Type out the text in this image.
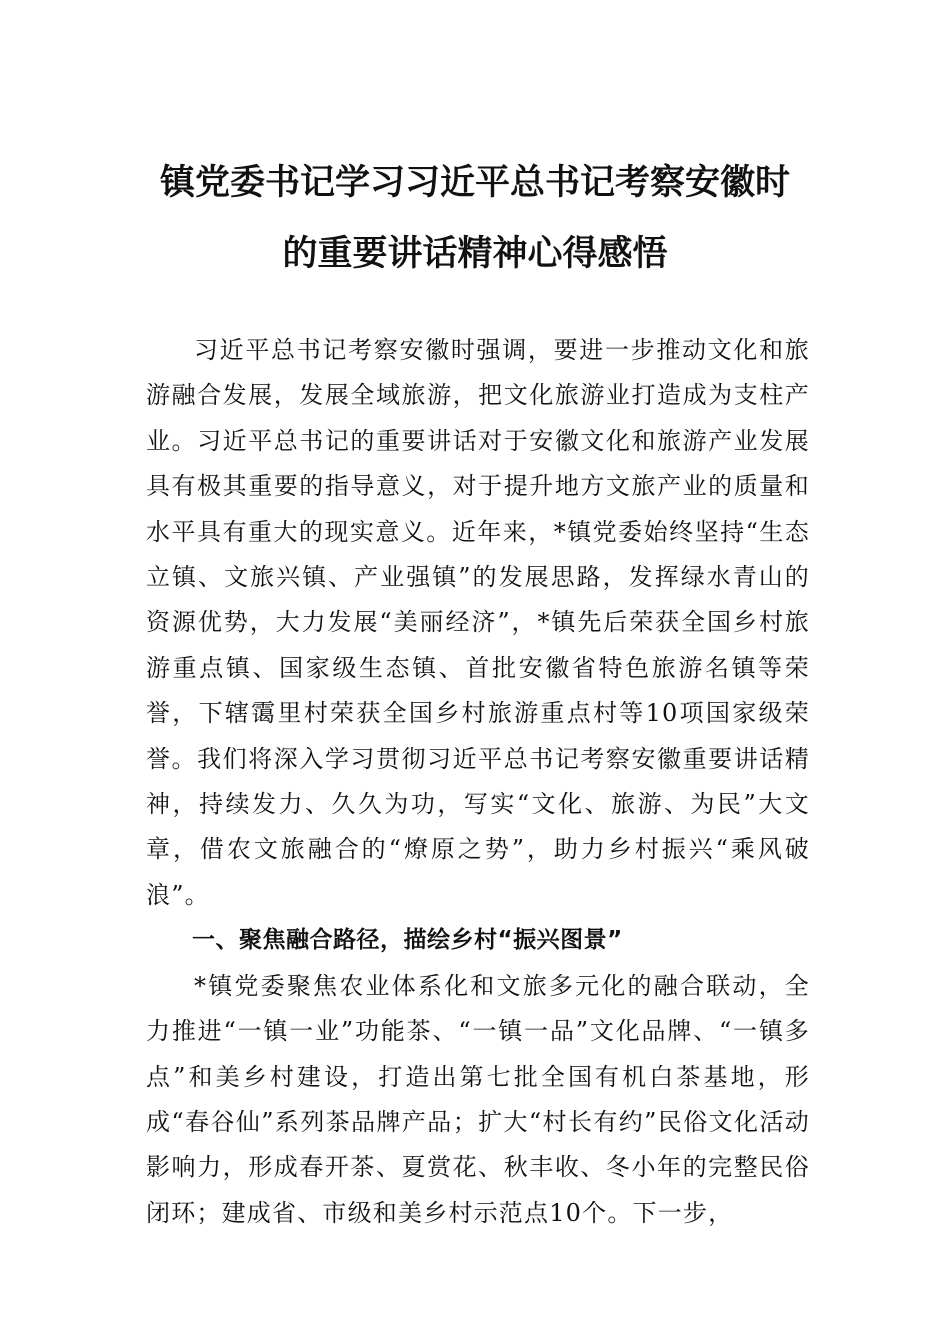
镇党委书记学习习近平总书记考察安徽时
的重要讲话精神心得感悟

习近平总书记考察安徽时强调，要进一步推动文化和旅游融合发展，发展全域旅游，把文化旅游业打造成为支柱产业。习近平总书记的重要讲话对于安徽文化和旅游产业发展具有极其重要的指导意义，对于提升地方文旅产业的质量和水平具有重大的现实意义。近年来，*镇党委始终坚持“生态立镇、文旅兴镇、产业强镇”的发展思路，发挥绿水青山的资源优势，大力发展“美丽经济”，*镇先后荣获全国乡村旅游重点镇、国家级生态镇、首批安徽省特色旅游名镇等荣誉，下辖霭里村荣获全国乡村旅游重点村等10项国家级荣誉。我们将深入学习贯彻习近平总书记考察安徽重要讲话精神，持续发力、久久为功，写实“文化、旅游、为民”大文章，借农文旅融合的“燎原之势”，助力乡村振兴“乘风破浪”。

一、聚焦融合路径，描绘乡村“振兴图景”

*镇党委聚焦农业体系化和文旅多元化的融合联动，全力推进“一镇一业”功能茶、“一镇一品”文化品牌、“一镇多点”和美乡村建设，打造出第七批全国有机白茶基地，形成“春谷仙”系列茶品牌产品；扩大“村长有约”民俗文化活动影响力，形成春开茶、夏赏花、秋丰收、冬小年的完整民俗闭环；建成省、市级和美乡村示范点10个。下一步，
